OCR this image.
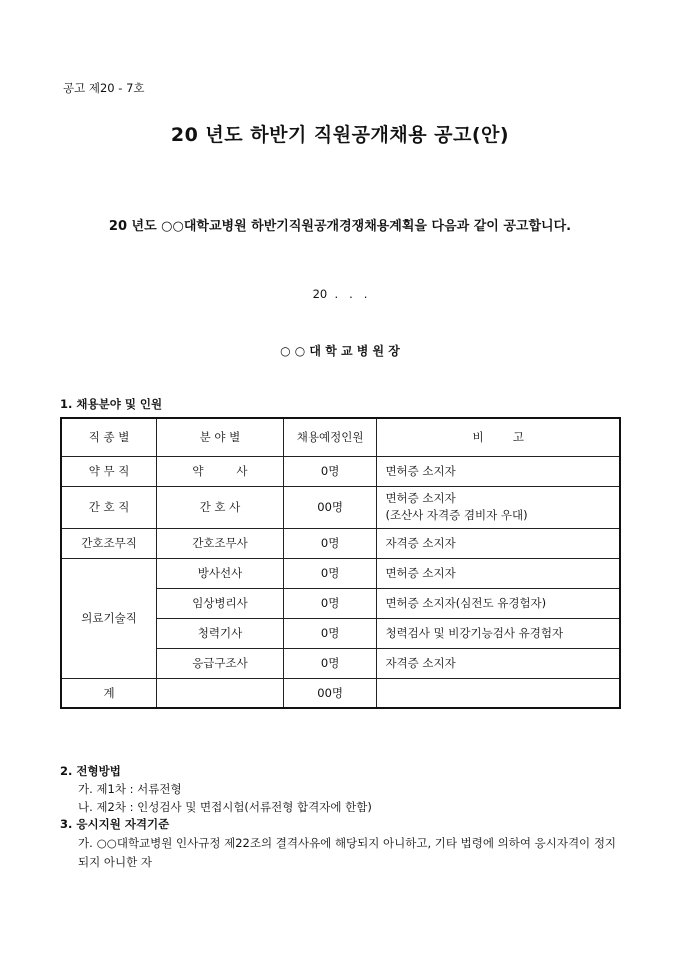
공고 제20 - 7호
20 년도 하반기 직원공개채용 공고(안)
20 년도 ○○대학교병원 하반기직원공개경쟁채용계획을 다음과 같이 공고합니다.
20  .   .   .
○ ○ 대 학 교 병 원 장
1. 채용분야 및 인원
직 종 별	분 야 별	채용예정인원	비        고
약 무 직	약         사	0명	면허증 소지자
간 호 직	간 호 사	00명	면허증 소지자
(조산사 자격증 겸비자 우대)

간호조무직	간호조무사	0명	자격증 소지자
의료기술직	방사선사	0명	면허증 소지자
	임상병리사	0명	면허증 소지자(심전도 유경험자)
	청력기사	0명	청력검사 및 비강기능검사 유경험자
	응급구조사	0명	자격증 소지자
계		00명	
2. 전형방법
가. 제1차 : 서류전형
나. 제2차 : 인성검사 및 면접시험(서류전형 합격자에 한함)
3. 응시지원 자격기준
가. ○○대학교병원 인사규정 제22조의 결격사유에 해당되지 아니하고, 기타 법령에 의하여 응시자격이 정지되지 아니한 자
